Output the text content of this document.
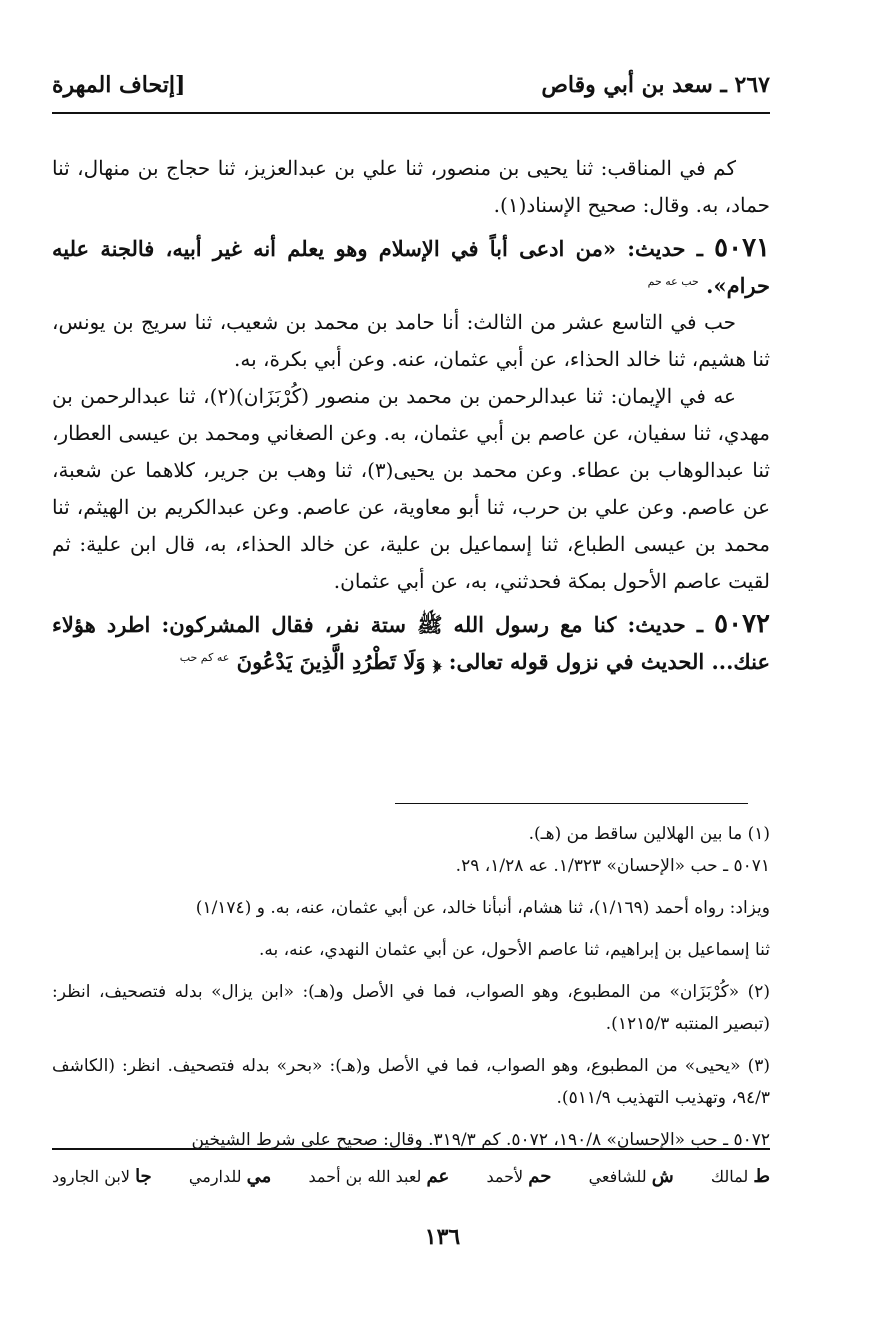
٢٦٧ ـ سعد بن أبي وقاص
[إتحاف المهرة

كم في المناقب: ثنا يحيى بن منصور، ثنا علي بن عبدالعزيز، ثنا حجاج بن منهال، ثنا حماد، به. وقال: صحيح الإسناد(١).

٥٠٧١ ـ حديث: «من ادعى أباً في الإسلام وهو يعلم أنه غير أبيه، فالجنة عليه حرام». $^{حب عه حم}$

حب في التاسع عشر من الثالث: أنا حامد بن محمد بن شعيب، ثنا سريج بن يونس، ثنا هشيم، ثنا خالد الحذاء، عن أبي عثمان، عنه. وعن أبي بكرة، به.

عه في الإيمان: ثنا عبدالرحمن بن محمد بن منصور (كُرْبَزَان)(٢)، ثنا عبدالرحمن بن مهدي، ثنا سفيان، عن عاصم بن أبي عثمان، به. وعن الصغاني ومحمد بن عيسى العطار، ثنا عبدالوهاب بن عطاء. وعن محمد بن يحيى(٣)، ثنا وهب بن جرير، كلاهما عن شعبة، عن عاصم. وعن علي بن حرب، ثنا أبو معاوية، عن عاصم. وعن عبدالكريم بن الهيثم، ثنا محمد بن عيسى الطباع، ثنا إسماعيل بن علية، عن خالد الحذاء، به، قال ابن علية: ثم لقيت عاصم الأحول بمكة فحدثني، به، عن أبي عثمان.

٥٠٧٢ ـ حديث: كنا مع رسول الله ﷺ ستة نفر، فقال المشركون: اطرد هؤلاء عنك... الحديث في نزول قوله تعالى: ﴿ وَلَا تَطْرُدِ الَّذِينَ يَدْعُونَ $^{عه كم حب}$

(١) ما بين الهلالين ساقط من (هـ).

٥٠٧١ ـ حب «الإحسان» ١/٣٢٣. عه ١/٢٨، ٢٩.

ويزاد: رواه أحمد (١/١٦٩)، ثنا هشام، أنبأنا خالد، عن أبي عثمان، عنه، به. و (١/١٧٤)

ثنا إسماعيل بن إبراهيم، ثنا عاصم الأحول، عن أبي عثمان النهدي، عنه، به.

(٢) «كُرْبَزَان» من المطبوع، وهو الصواب، فما في الأصل و(هـ): «ابن يزال» بدله فتصحيف، انظر: (تبصير المنتبه ١٢١٥/٣).

(٣) «يحيى» من المطبوع، وهو الصواب، فما في الأصل و(هـ): «بحر» بدله فتصحيف. انظر: (الكاشف ٩٤/٣، وتهذيب التهذيب ٥١١/٩).

٥٠٧٢ ـ حب «الإحسان» ١٩٠/٨، ٥٠٧٢. كم ٣١٩/٣. وقال: صحيح على شرط الشيخين

ط لمالك
ش للشافعي
حم لأحمد
عم لعبد الله بن أحمد
مي للدارمي
جا لابن الجارود
١٣٦
